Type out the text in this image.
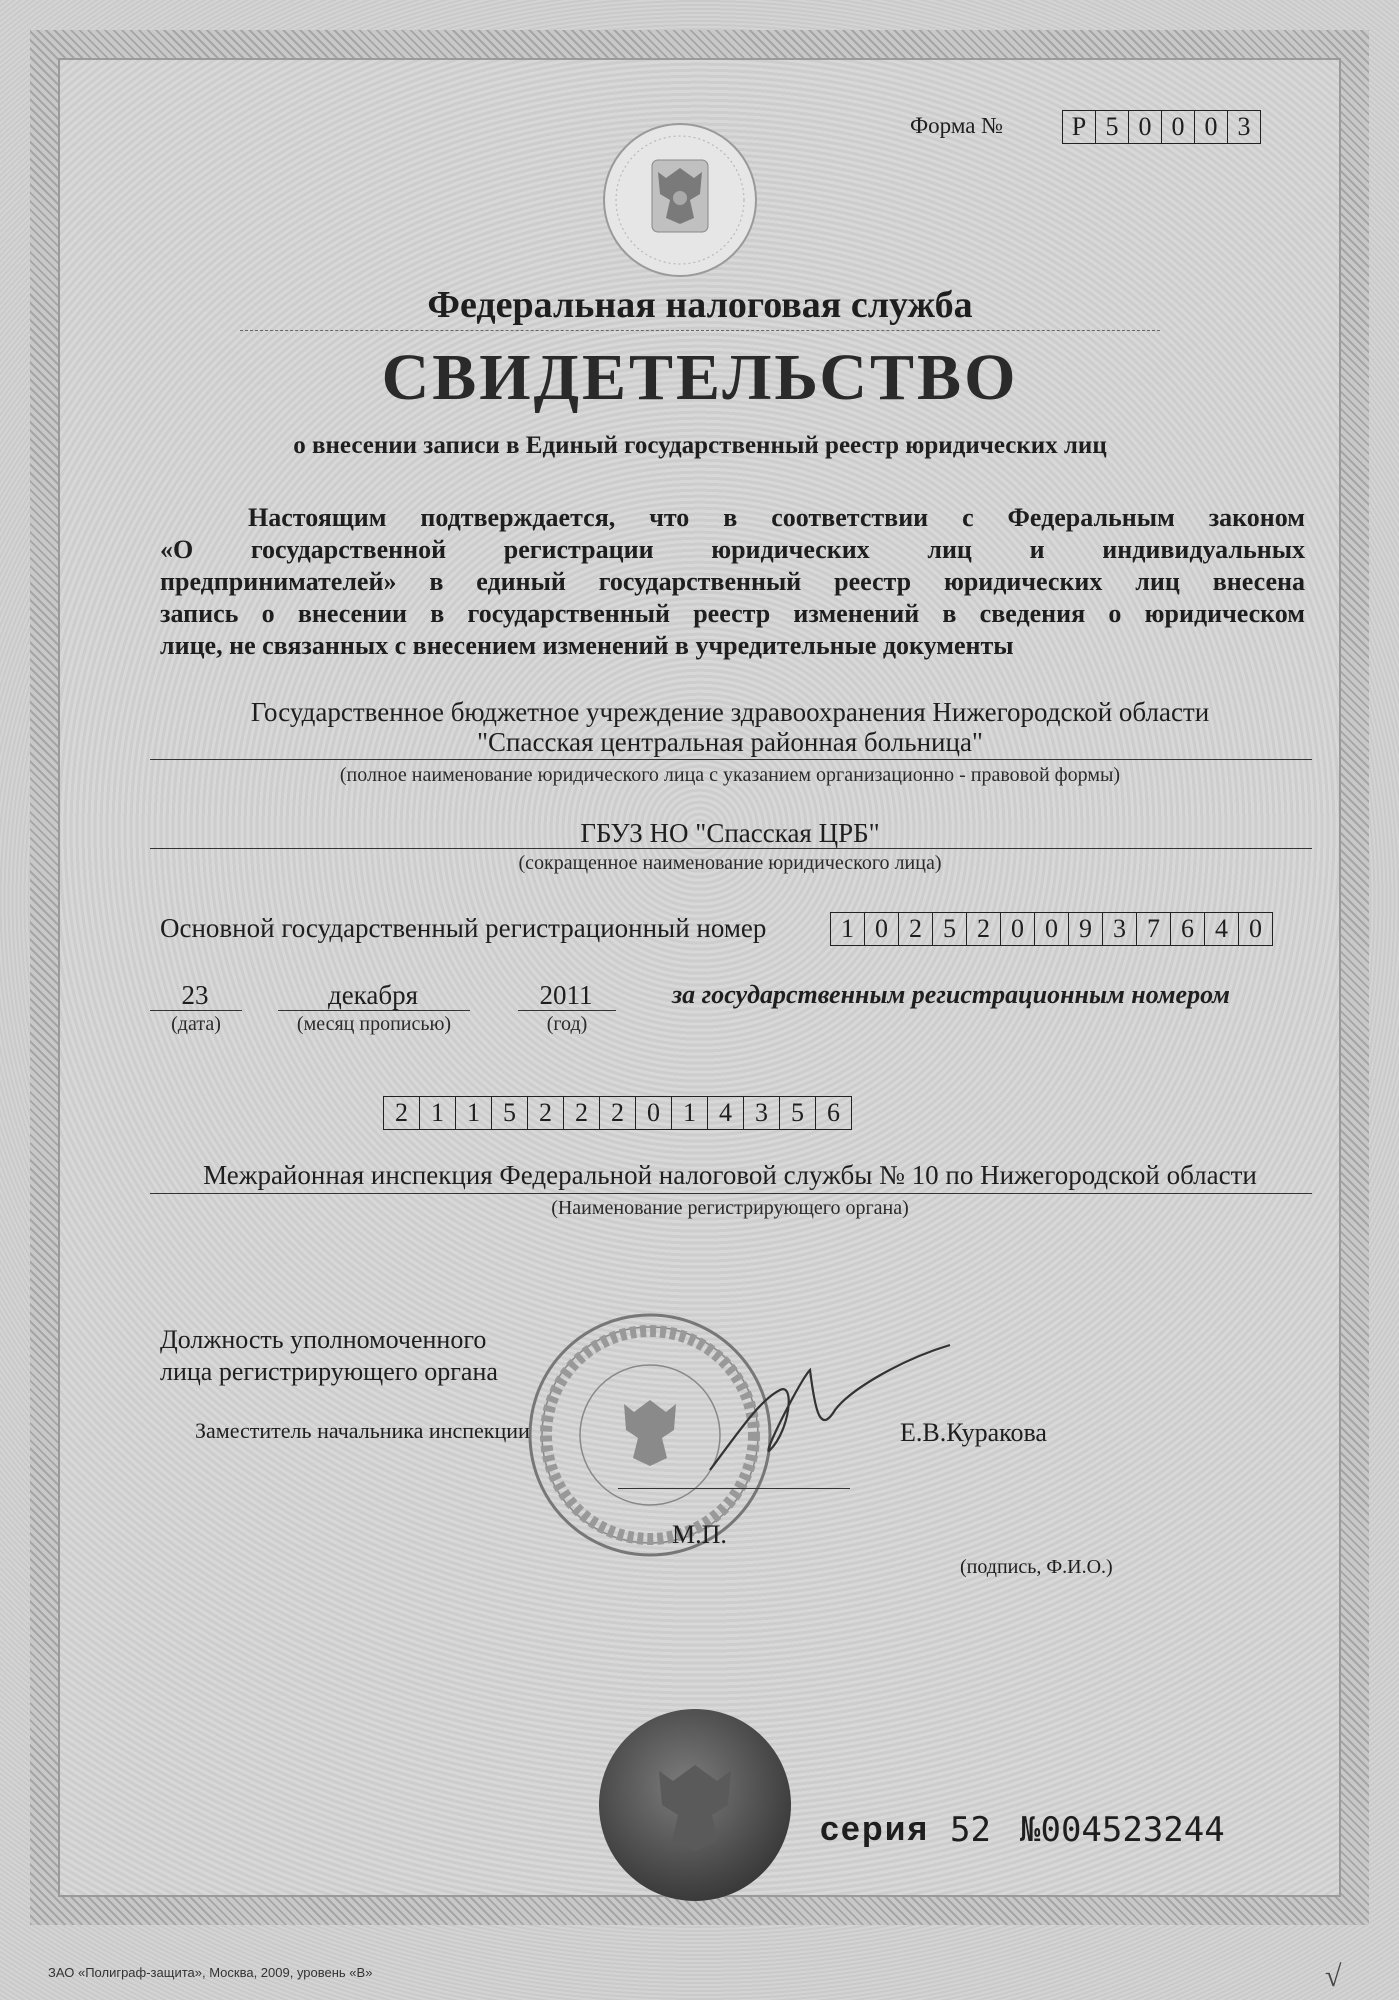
Форма №	Р 5 0 0 0 3
Федеральная налоговая служба
СВИДЕТЕЛЬСТВО
о внесении записи в Единый государственный реестр юридических лиц
Настоящим подтверждается, что в соответствии с Федеральным законом
«О государственной регистрации юридических лиц и индивидуальных
предпринимателей» в единый государственный реестр юридических лиц внесена
запись о внесении в государственный реестр изменений в сведения о юридическом
лице, не связанных с внесением изменений в учредительные документы
Государственное бюджетное учреждение здравоохранения Нижегородской области
"Спасская центральная районная больница"
(полное наименование юридического лица с указанием организационно - правовой формы)
ГБУЗ НО "Спасская ЦРБ"
(сокращенное наименование юридического лица)
Основной государственный регистрационный номер	1 0 2 5 2 0 0 9 3 7 6 4 0
23
(дата)
декабря
(месяц прописью)
2011
(год)
за государственным регистрационным номером
2 1 1 5 2 2 2 0 1 4 3 5 6
Межрайонная инспекция Федеральной налоговой службы № 10 по Нижегородской области
(Наименование регистрирующего органа)
Должность уполномоченного
лица регистрирующего органа
Заместитель начальника инспекции	Е.В.Куракова
М.П.
(подпись, Ф.И.О.)
серия 52 №004523244
ЗАО «Полиграф-защита», Москва, 2009, уровень «В»	√
